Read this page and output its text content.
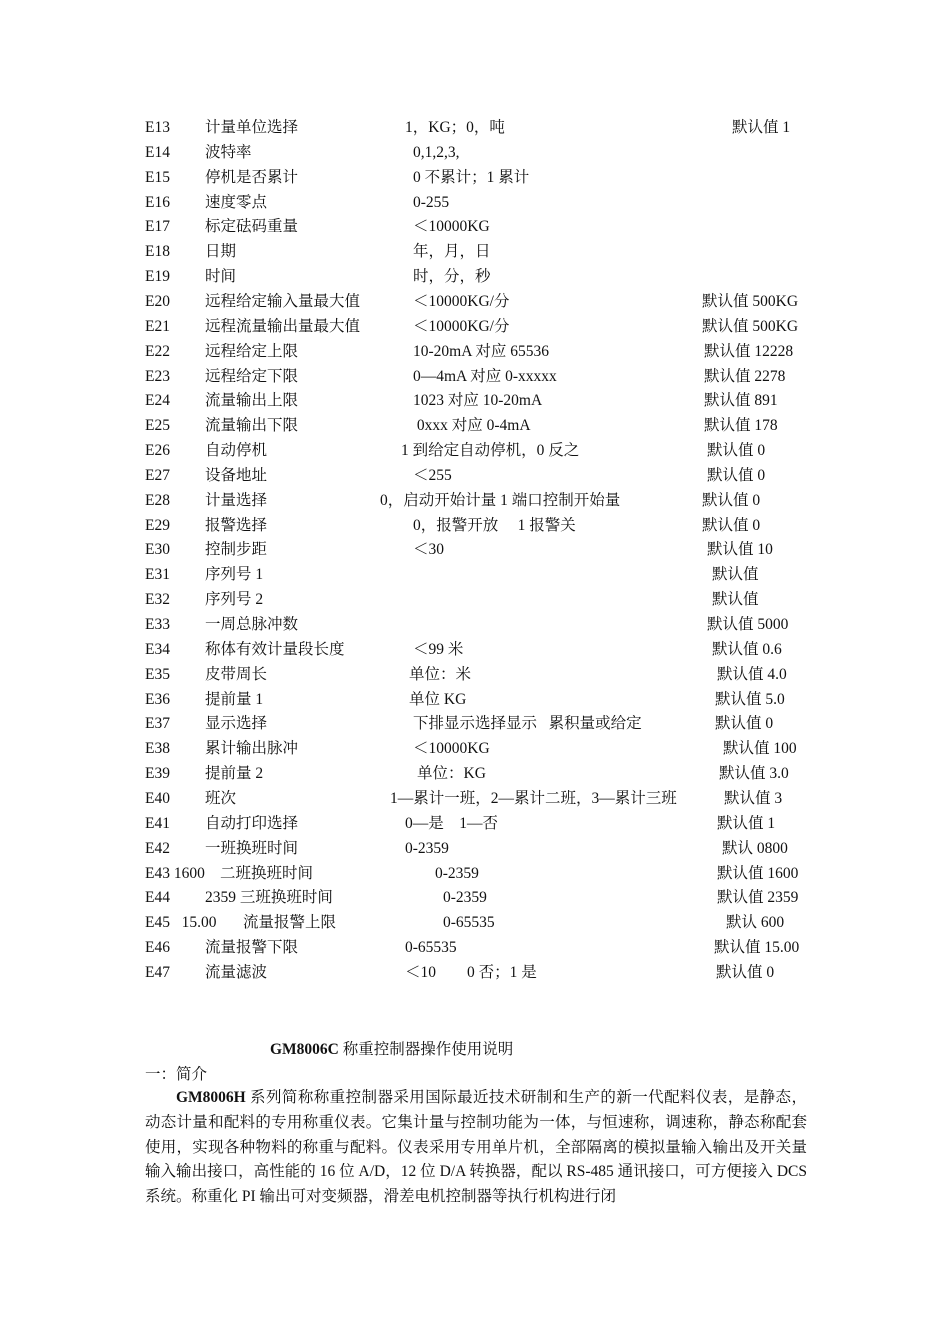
E13 计量单位选择	1，KG；0，吨	默认值 1
E14 波特率	0,1,2,3,
E15 停机是否累计	0 不累计；1 累计
E16 速度零点	0-255
E17 标定砝码重量	＜10000KG
E18 日期	年，月，日
E19 时间	时，分，秒
E20 远程给定输入量最大值	＜10000KG/分	默认值 500KG
E21 远程流量输出量最大值	＜10000KG/分	默认值 500KG
E22 远程给定上限	10-20mA 对应 65536	默认值 12228
E23 远程给定下限	0—4mA 对应 0-xxxxx	默认值 2278
E24 流量输出上限	1023 对应 10-20mA	默认值 891
E25 流量输出下限	0xxx 对应 0-4mA	默认值 178
E26 自动停机	1 到给定自动停机，0 反之	默认值 0
E27 设备地址	＜255	默认值 0
E28 计量选择	0，启动开始计量 1 端口控制开始量	默认值 0
E29 报警选择	0，报警开放     1 报警关	默认值 0
E30 控制步距	＜30	默认值 10
E31 序列号 1	默认值
E32 序列号 2	默认值
E33 一周总脉冲数	默认值 5000
E34 称体有效计量段长度	＜99 米	默认值 0.6
E35 皮带周长	单位：米	默认值 4.0
E36 提前量 1	单位 KG	默认值 5.0
E37 显示选择	下排显示选择显示   累积量或给定	默认值 0
E38 累计输出脉冲	＜10000KG	默认值 100
E39 提前量 2	单位：KG	默认值 3.0
E40 班次	1—累计一班，2—累计二班，3—累计三班	默认值 3
E41 自动打印选择	0—是    1—否	默认值 1
E42 一班换班时间	0-2359	默认 0800
E43 1600 二班换班时间	0-2359	默认值 1600
E44 2359 三班换班时间	0-2359	默认值 2359
E45   15.00 流量报警上限	0-65535	默认 600
E46 流量报警下限	0-65535	默认值 15.00
E47 流量滤波	＜10        0 否；1 是	默认值 0
GM8006C 称重控制器操作使用说明
一：简介
GM8006H 系列简称称重控制器采用国际最近技术研制和生产的新一代配料仪表，是静态，动态计量和配料的专用称重仪表。它集计量与控制功能为一体，与恒速称，调速称，静态称配套使用，实现各种物料的称重与配料。仪表采用专用单片机，全部隔离的模拟量输入输出及开关量输入输出接口，高性能的 16 位 A/D，12 位 D/A 转换器，配以 RS-485 通讯接口，可方便接入 DCS 系统。称重化 PI 输出可对变频器，滑差电机控制器等执行机构进行闭
